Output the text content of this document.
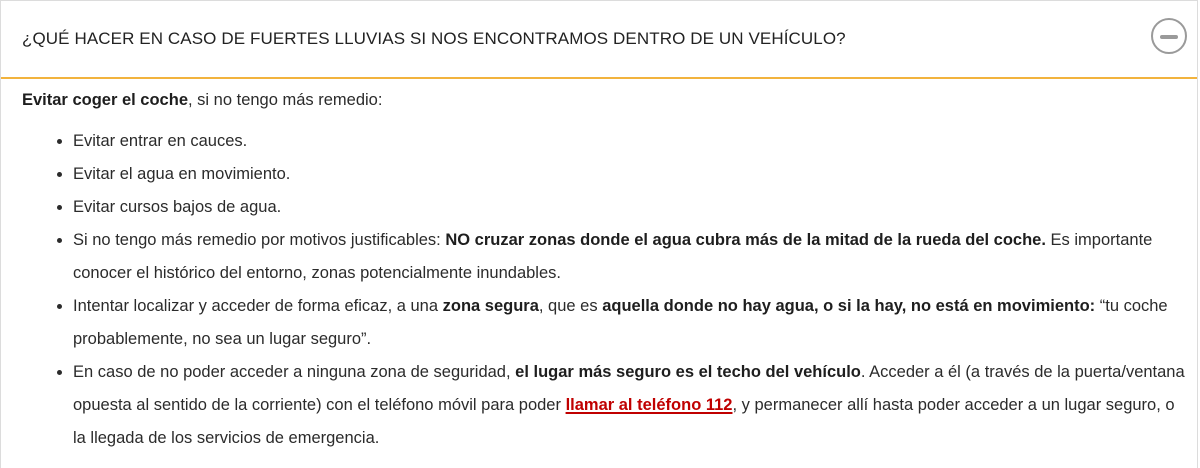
¿QUÉ HACER EN CASO DE FUERTES LLUVIAS SI NOS ENCONTRAMOS DENTRO DE UN VEHÍCULO?

Evitar coger el coche, si no tengo más remedio:

• Evitar entrar en cauces.
• Evitar el agua en movimiento.
• Evitar cursos bajos de agua.
• Si no tengo más remedio por motivos justificables: NO cruzar zonas donde el agua cubra más de la mitad de la rueda del coche. Es importante conocer el histórico del entorno, zonas potencialmente inundables.
• Intentar localizar y acceder de forma eficaz, a una zona segura, que es aquella donde no hay agua, o si la hay, no está en movimiento: “tu coche probablemente, no sea un lugar seguro”.
• En caso de no poder acceder a ninguna zona de seguridad, el lugar más seguro es el techo del vehículo. Acceder a él (a través de la puerta/ventana opuesta al sentido de la corriente) con el teléfono móvil para poder llamar al teléfono 112, y permanecer allí hasta poder acceder a un lugar seguro, o la llegada de los servicios de emergencia.
